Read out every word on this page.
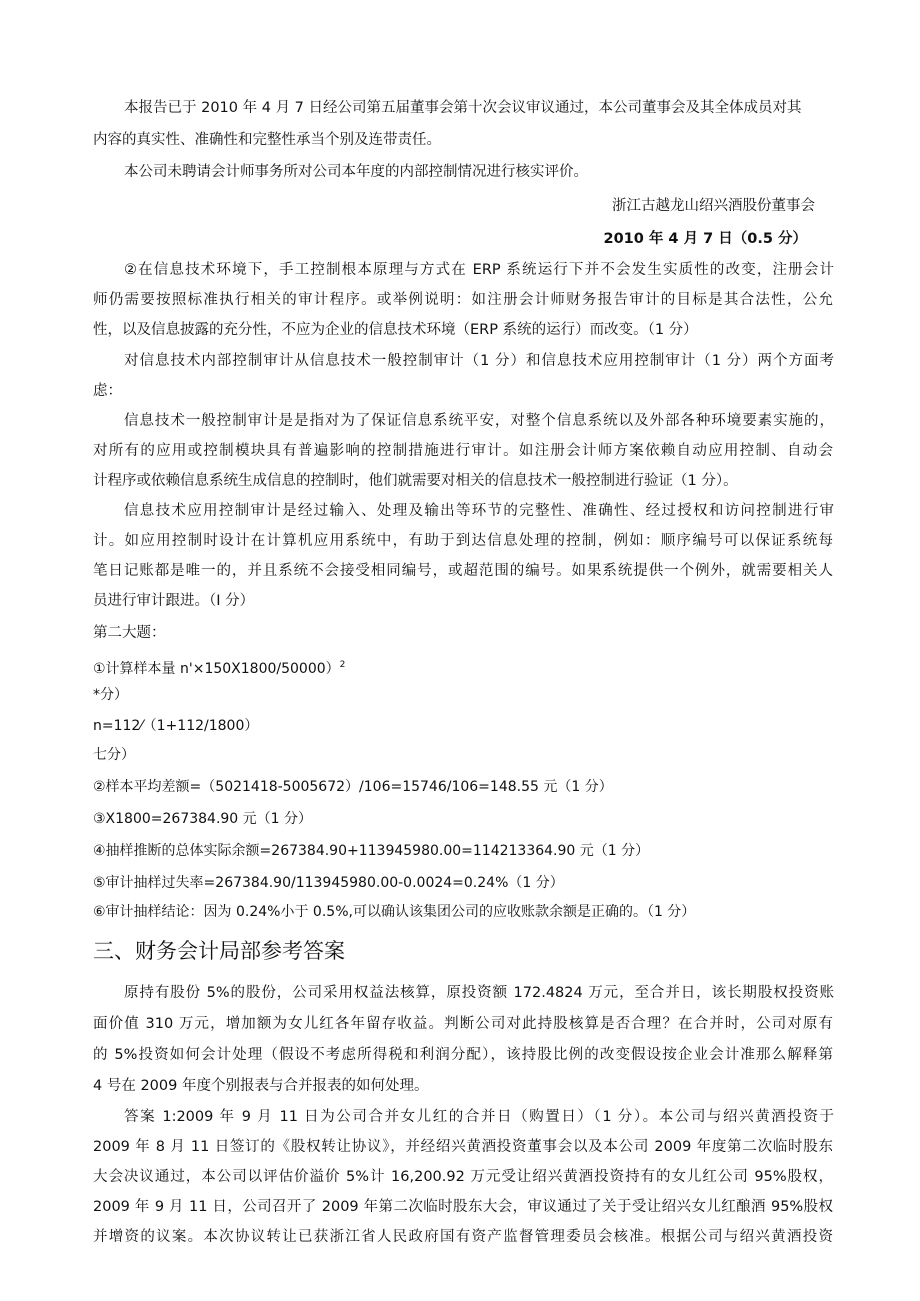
本报告已于 2010 年 4 月 7 日经公司第五届董事会第十次会议审议通过，本公司董事会及其全体成员对其
内容的真实性、准确性和完整性承当个别及连带责任。
本公司未聘请会计师事务所对公司本年度的内部控制情况进行核实评价。
浙江古越龙山绍兴酒股份董事会
2010 年 4 月 7 日（0.5 分）
②在信息技术环境下，手工控制根本原理与方式在 ERP 系统运行下并不会发生实质性的改变，注册会计
师仍需要按照标准执行相关的审计程序。或举例说明：如注册会计师财务报告审计的目标是其合法性，公允
性，以及信息披露的充分性，不应为企业的信息技术环境（ERP 系统的运行）而改变。（1 分）
对信息技术内部控制审计从信息技术一般控制审计（1 分）和信息技术应用控制审计（1 分）两个方面考
虑：
信息技术一般控制审计是是指对为了保证信息系统平安，对整个信息系统以及外部各种环境要素实施的，
对所有的应用或控制模块具有普遍影响的控制措施进行审计。如注册会计师方案依赖自动应用控制、自动会
计程序或依赖信息系统生成信息的控制时，他们就需要对相关的信息技术一般控制进行验证（1 分）。
信息技术应用控制审计是经过输入、处理及输出等环节的完整性、准确性、经过授权和访问控制进行审
计。如应用控制时设计在计算机应用系统中，有助于到达信息处理的控制，例如：顺序编号可以保证系统每
笔日记账都是唯一的，并且系统不会接受相同编号，或超范围的编号。如果系统提供一个例外，就需要相关人
员进行审计跟进。（I 分）
第二大题：
①计算样本量 n'×150X1800/50000）$^2$
*分）
n=112⁄（1+112/1800）
七分）
②样本平均差额=（5021418-5005672）/106=15746/106=148.55 元（1 分）
③X1800=267384.90 元（1 分）
④抽样推断的总体实际余额=267384.90+113945980.00=114213364.90 元（1 分）
⑤审计抽样过失率=267384.90/113945980.00-0.0024=0.24%（1 分）
⑥审计抽样结论：因为 0.24%小于 0.5%,可以确认该集团公司的应收账款余额是正确的。（1 分）
三、财务会计局部参考答案
原持有股份 5%的股份，公司采用权益法核算，原投资额 172.4824 万元，至合并日，该长期股权投资账
面价值 310 万元，增加额为女儿红各年留存收益。判断公司对此持股核算是否合理？在合并时，公司对原有
的 5%投资如何会计处理（假设不考虑所得税和利润分配），该持股比例的改变假设按企业会计准那么解释第
4 号在 2009 年度个别报表与合并报表的如何处理。
答案 1:2009 年 9 月 11 日为公司合并女儿红的合并日（购置日）（1 分）。本公司与绍兴黄酒投资于
2009 年 8 月 11 日签订的《股权转让协议》，并经绍兴黄酒投资董事会以及本公司 2009 年度第二次临时股东
大会决议通过，本公司以评估价溢价 5%计 16,200.92 万元受让绍兴黄酒投资持有的女儿红公司 95%股权，
2009 年 9 月 11 日，公司召开了 2009 年第二次临时股东大会，审议通过了关于受让绍兴女儿红酿酒 95%股权
并增资的议案。本次协议转让已获浙江省人民政府国有资产监督管理委员会核准。根据公司与绍兴黄酒投资
